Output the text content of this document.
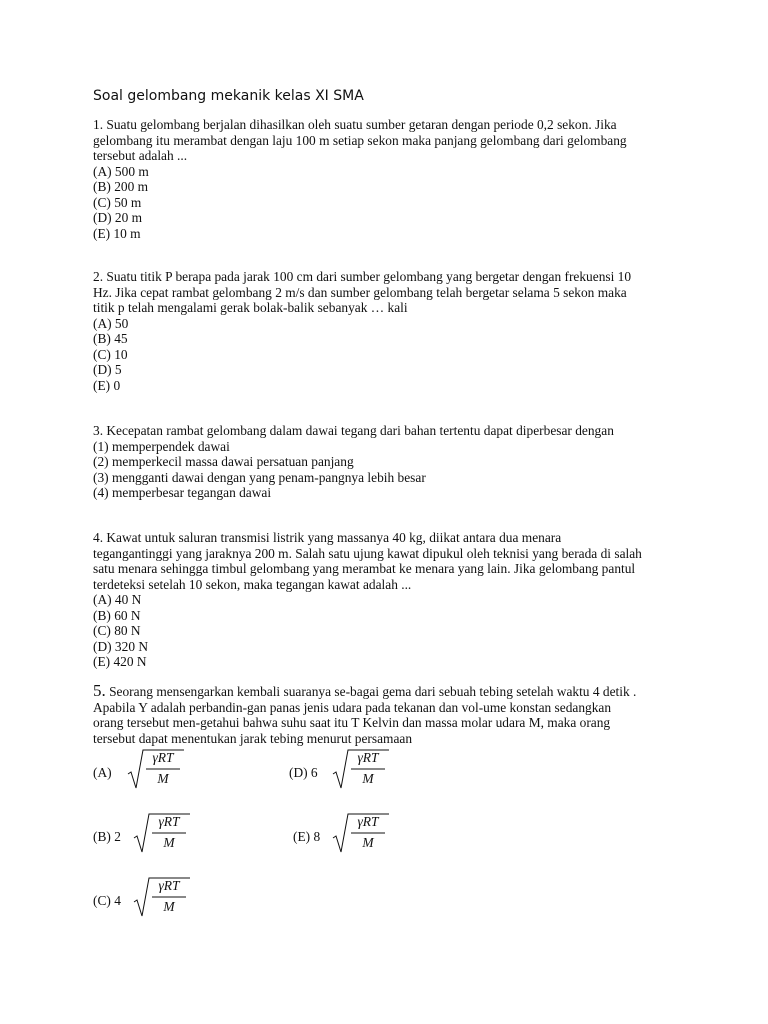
Soal gelombang mekanik kelas XI SMA
1. Suatu gelombang berjalan dihasilkan oleh suatu sumber getaran dengan periode 0,2 sekon. Jika
gelombang itu merambat dengan laju 100 m setiap sekon maka panjang gelombang dari gelombang
tersebut adalah ...
(A) 500 m
(B) 200 m
(C) 50 m
(D) 20 m
(E) 10 m
2. Suatu titik P berapa pada jarak 100 cm dari sumber gelombang yang bergetar dengan frekuensi 10
Hz. Jika cepat rambat gelombang 2 m/s dan sumber gelombang telah bergetar selama 5 sekon maka
titik p telah mengalami gerak bolak-balik sebanyak … kali
(A) 50
(B) 45
(C) 10
(D) 5
(E) 0
3. Kecepatan rambat gelombang dalam dawai tegang dari bahan tertentu dapat diperbesar dengan
(1) memperpendek dawai
(2) memperkecil massa dawai persatuan panjang
(3) mengganti dawai dengan yang penam-pangnya lebih besar
(4) memperbesar tegangan dawai
4. Kawat untuk saluran transmisi listrik yang massanya 40 kg, diikat antara dua menara
tegangantinggi yang jaraknya 200 m. Salah satu ujung kawat dipukul oleh teknisi yang berada di salah
satu menara sehingga timbul gelombang yang merambat ke menara yang lain. Jika gelombang pantul
terdeteksi setelah 10 sekon, maka tegangan kawat adalah ...
(A) 40 N
(B) 60 N
(C) 80 N
(D) 320 N
(E) 420 N
5. Seorang mensengarkan kembali suaranya se-bagai gema dari sebuah tebing setelah waktu 4 detik .
Apabila Y adalah perbandin-gan panas jenis udara pada tekanan dan vol-ume konstan sedangkan
orang tersebut men-getahui bahwa suhu saat itu T Kelvin dan massa molar udara M, maka orang
tersebut dapat menentukan jarak tebing menurut persamaan
(A)
γRT
M	(D) 6
γRT
M
(B) 2
γRT
M	(E) 8
γRT
M
(C) 4
γRT
M
